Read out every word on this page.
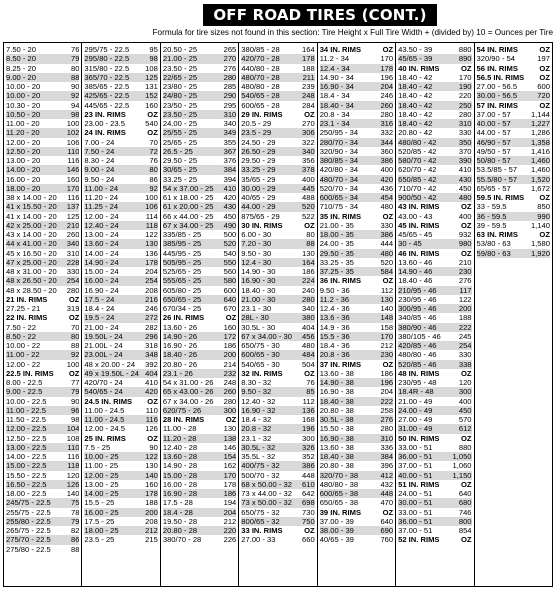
OFF ROAD TIRES (CONT.)
Formula for tire sizes not found in this section: Tire Height x Full Tire Width + (divided by) 10 = Ounces per Tire
7.50 - 20	76
8.50 - 20	79
8.25 - 20	80
9.00 - 20	88
10.00 - 20	90
10.00 - 20	92
10.30 - 20	94
10.50 - 20	98
11.00 - 20	100
11.20 - 20	102
12.00 - 20	106
12.50 - 20	110
13.00 - 20	116
14.00 - 20	146
16.00 - 20	160
18.00 - 20	170
38 x 14.00 - 20	116
41 x 15.50 - 20	137
41 x 14.00 - 20	125
42 x 25.00 - 20	210
43 x 14.00 - 20	260
44 x 41.00 - 20	340
45 x 16.50 - 20	310
47 x 25.00 - 20	228
48 x 31.00 - 20	330
48 x 26.50 - 20	254
48 x 28.50 - 20	280
21 IN. RIMS	OZ
27.25 - 21	319
22 IN. RIMS	OZ
7.50 - 22	70
8.50 - 22	80
10.00 - 22	88
11.00 - 22	92
12.00 - 22	100
22.5 IN. RIMS	OZ
8.00 - 22.5	77
9.00 - 22.5	79
10.00 - 22.5	90
11.00 - 22.5	96
11.50 - 22.5	98
12.00 - 22.5	104
12.50 - 22.5	108
13.00 - 22.5	110
14.00 - 22.5	116
15.00 - 22.5	118
15.50 - 22.5	120
16.50 - 22.5	126
18.00 - 22.5	140
245/75 - 22.5	75
255/75 - 22.5	78
255/80 - 22.5	79
265/75 - 22.5	82
275/70 - 22.5	86
275/80 - 22.5	88
295/75 - 22.5	95
295/80 - 22.5	98
315/80 - 22.5	108
365/70 - 22.5	125
385/65 - 22.5	131
425/65 - 22.5	152
445/65 - 22.5	160
23 IN. RIMS	OZ
23.00 - 23.5	540
24 IN. RIMS	OZ
7.00 - 24	70
7.50 - 24	72
8.30 - 24	76
9.00 - 24	80
9.50 - 24	86
11.00 - 24	92
11.20 - 24	100
11.25 - 24	106
12.00 - 24	114
12.40 - 24	118
13.00 - 24	122
13.60 - 24	130
14.00 - 24	136
14.90 - 24	178
15.00 - 24	204
16.00 - 24	254
16.90 - 24	208
17.5 - 24	216
18.4 - 24	246
19.5 - 24	272
21.00 - 24	282
19.50L - 24	296
21.00L - 24	318
23.00L - 24	348
48 x 20.00 - 24	392
49 x 19.50L - 24 404
420/70 - 24	410
540/65 - 24	420
24.5 IN. RIMS	OZ
11.00 - 24.5	110
11.00 - 24.5	116
12.00 - 24.5	126
25 IN. RIMS	OZ
7.5 - 25	90
10.00 - 25	122
11.00 - 25	130
12.00 - 25	140
13.00 - 25	160
14.00 - 25	178
15.5 - 25	188
16.00 - 25	200
17.5 - 25	208
18.00 - 25	212
23.5 - 25	215
20.50 - 25	265
21.00 - 25	270
23.50 - 25	276
22/65 - 25	280
23/80 - 25	285
24/80 - 25	290
23/50 - 25	295
23.50 - 25	310
24.00 - 25	340
25/55 - 25	349
25/65 - 25	355
26.5 - 25	367
29.50 - 25	376
30/65 - 25	384
33.25 - 25	394
54 x 37.00 - 25	410
61 x 18.00 - 25	420
61 x 20.00 - 25	430
66 x 44.00 - 25	450
67 x 34.00 - 25	490
335/85 - 25	500
385/95 - 25	520
445/95 - 25	540
505/95 - 25	550
525/65 - 25	560
555/65 - 25	580
605/80 - 25	600
650/65 - 25	640
670/34 - 25	670
26 IN. RIMS	OZ
13.60 - 26	160
14.90 - 26	172
16.90 - 26	186
18.40 - 26	200
20.80 - 26	214
23.1 - 26	232
54 x 31.00 - 26	248
65 x 43.00 - 26	260
67 x 34.00 - 26	280
620/75 - 26	300
28 IN. RIMS	OZ
11.00 - 28	130
11.20 - 28	138
12.40 - 28	146
13.60 - 28	154
14.90 - 28	162
15.00 - 28	170
16.00 - 28	178
16.90 - 28	186
17.5 - 28	194
18.4 - 28	204
19.50 - 28	212
20.80 - 28	220
380/70 - 28	226
380/85 - 28	164
420/70 - 28	178
440/80 - 28	188
480/70 - 28	211
480/80 - 28	239
540/65 - 28	248
600/65 - 28	284
29 IN. RIMS	OZ
20.5 - 29	270
23.5 - 29	306
24.50 - 29	322
26.50 - 29	340
29.50 - 29	356
33.25 - 29	378
35/65 - 29	400
30.00 - 29	445
40/65 - 29	488
44.00 - 29	520
875/65 - 29	522
30 IN. RIMS	OZ
6.00 - 30	80
7.20 - 30	88
9.50 - 30	130
12.4 - 30	164
14.90 - 30	186
16.90 - 30	224
18.40 - 30	240
21.00 - 30	280
23.1 - 30	340
28L - 30	380
30.5L - 30	404
67 x 34.00 - 30	456
650/75 - 30	480
600/65 - 30	484
540/65 - 30	504
32 IN. RIMS	OZ
8.30 - 32	76
9.50 - 32	85
12.40 - 32	112
16.90 - 32	136
18.4 - 32	168
20.8 - 32	196
23.1 - 32	300
30.5L - 32	326
35.5L - 32	352
400/75 - 32	386
500/70 - 32	448
68 x 50.00 - 32	610
73 x 44.00 - 32	642
73 x 50.00 - 32	698
650/75 - 32	730
800/65 - 32	750
33 IN. RIMS	OZ
27.00 - 33	660
34 IN. RIMS	OZ
11.2 - 34	170
12.4 - 34	178
14.90 - 34	196
16.90 - 34	204
18.4 - 34	246
18.40 - 34	260
20.8 - 34	280
23.1 - 34	316
250/95 - 34	332
280/70 - 34	344
320/90 - 34	360
380/85 - 34	386
420/80 - 34	400
480/70 - 34	420
520/70 - 34	436
600/65 - 34	454
710/75 - 34	480
35 IN. RIMS	OZ
21.00 - 35	330
18.00 - 35	386
24.00 - 35	444
29.50 - 35	480
33.25 - 35	520
37.25 - 35	584
36 IN. RIMS	OZ
9.50 - 36	112
11.2 - 36	130
12.4 - 36	140
13.6 - 36	148
14.9 - 36	158
15.5 - 36	170
18.4 - 36	212
20.8 - 36	230
37 IN. RIMS	OZ
13.60 - 38	186
14.90 - 38	196
16.90 - 38	204
18.40 - 38	222
20.80 - 38	258
30.5L - 38	276
15.50 - 38	280
16.90 - 38	310
13.60 - 38	336
18.40 - 38	384
20.80 - 38	396
320/70 - 38	412
480/80 - 38	432
600/65 - 38	448
650/65 - 38	470
39 IN. RIMS	OZ
37.00 - 39	640
38.00 - 39	690
40/65 - 39	760
43.50 - 39	880
45/65 - 39	890
40 IN. RIMS	OZ
18.40 - 42	170
18.40 - 42	190
18.40 - 42	220
18.40 - 42	250
18.40 - 42	280
18.40 - 42	310
20.80 - 42	330
480/80 - 42	350
520/85 - 42	370
580/70 - 42	390
620/70 - 42	410
650/85 - 42	430
710/70 - 42	450
900/50 - 42	480
43 IN. RIMS	OZ
43.00 - 43	400
45 IN. RIMS	OZ
45/65 - 45	932
30 - 45	980
46 IN. RIMS	OZ
13.60 - 46	210
14.90 - 46	230
18.40 - 46	276
210/95 - 46	117
230/95 - 46	122
300/95 - 46	200
340/85 - 46	188
380/90 - 46	222
380/105 - 46	245
420/85 - 46	254
480/80 - 46	330
520/85 - 46	338
48 IN. RIMS	OZ
230/95 - 48	120
18.4R - 48	300
21.00 - 49	400
24.00 - 49	450
27.00 - 49	570
31.00 - 49	612
50 IN. RIMS	OZ
33.00 - 51	880
36.00 - 51	1,050
37.00 - 51	1,060
40.00 - 51	1,150
51 IN. RIMS	OZ
24.00 - 51	640
30.00 - 51	680
33.00 - 51	746
36.00 - 51	800
37.00 - 51	854
52 IN. RIMS	OZ
54 IN. RIMS	OZ
320/90 - 54	197
56 IN. RIMS	OZ
56.5 IN. RIMS	OZ
27.00 - 56.5	600
30.00 - 56.5	720
57 IN. RIMS	OZ
37.00 - 57	1,144
40.00 - 57	1,227
44.00 - 57	1,286
46/90 - 57	1,358
49/50 - 57	1,416
50/80 - 57	1,460
53.5/85 - 57	1,460
55.5/80 - 57	1,520
65/65 - 57	1,672
59.5 IN. RIMS	OZ
33 - 59.5	850
36 - 59.5	990
39 - 59.5	1,140
63 IN. RIMS	OZ
53/80 - 63	1,580
59/80 - 63	1,920
